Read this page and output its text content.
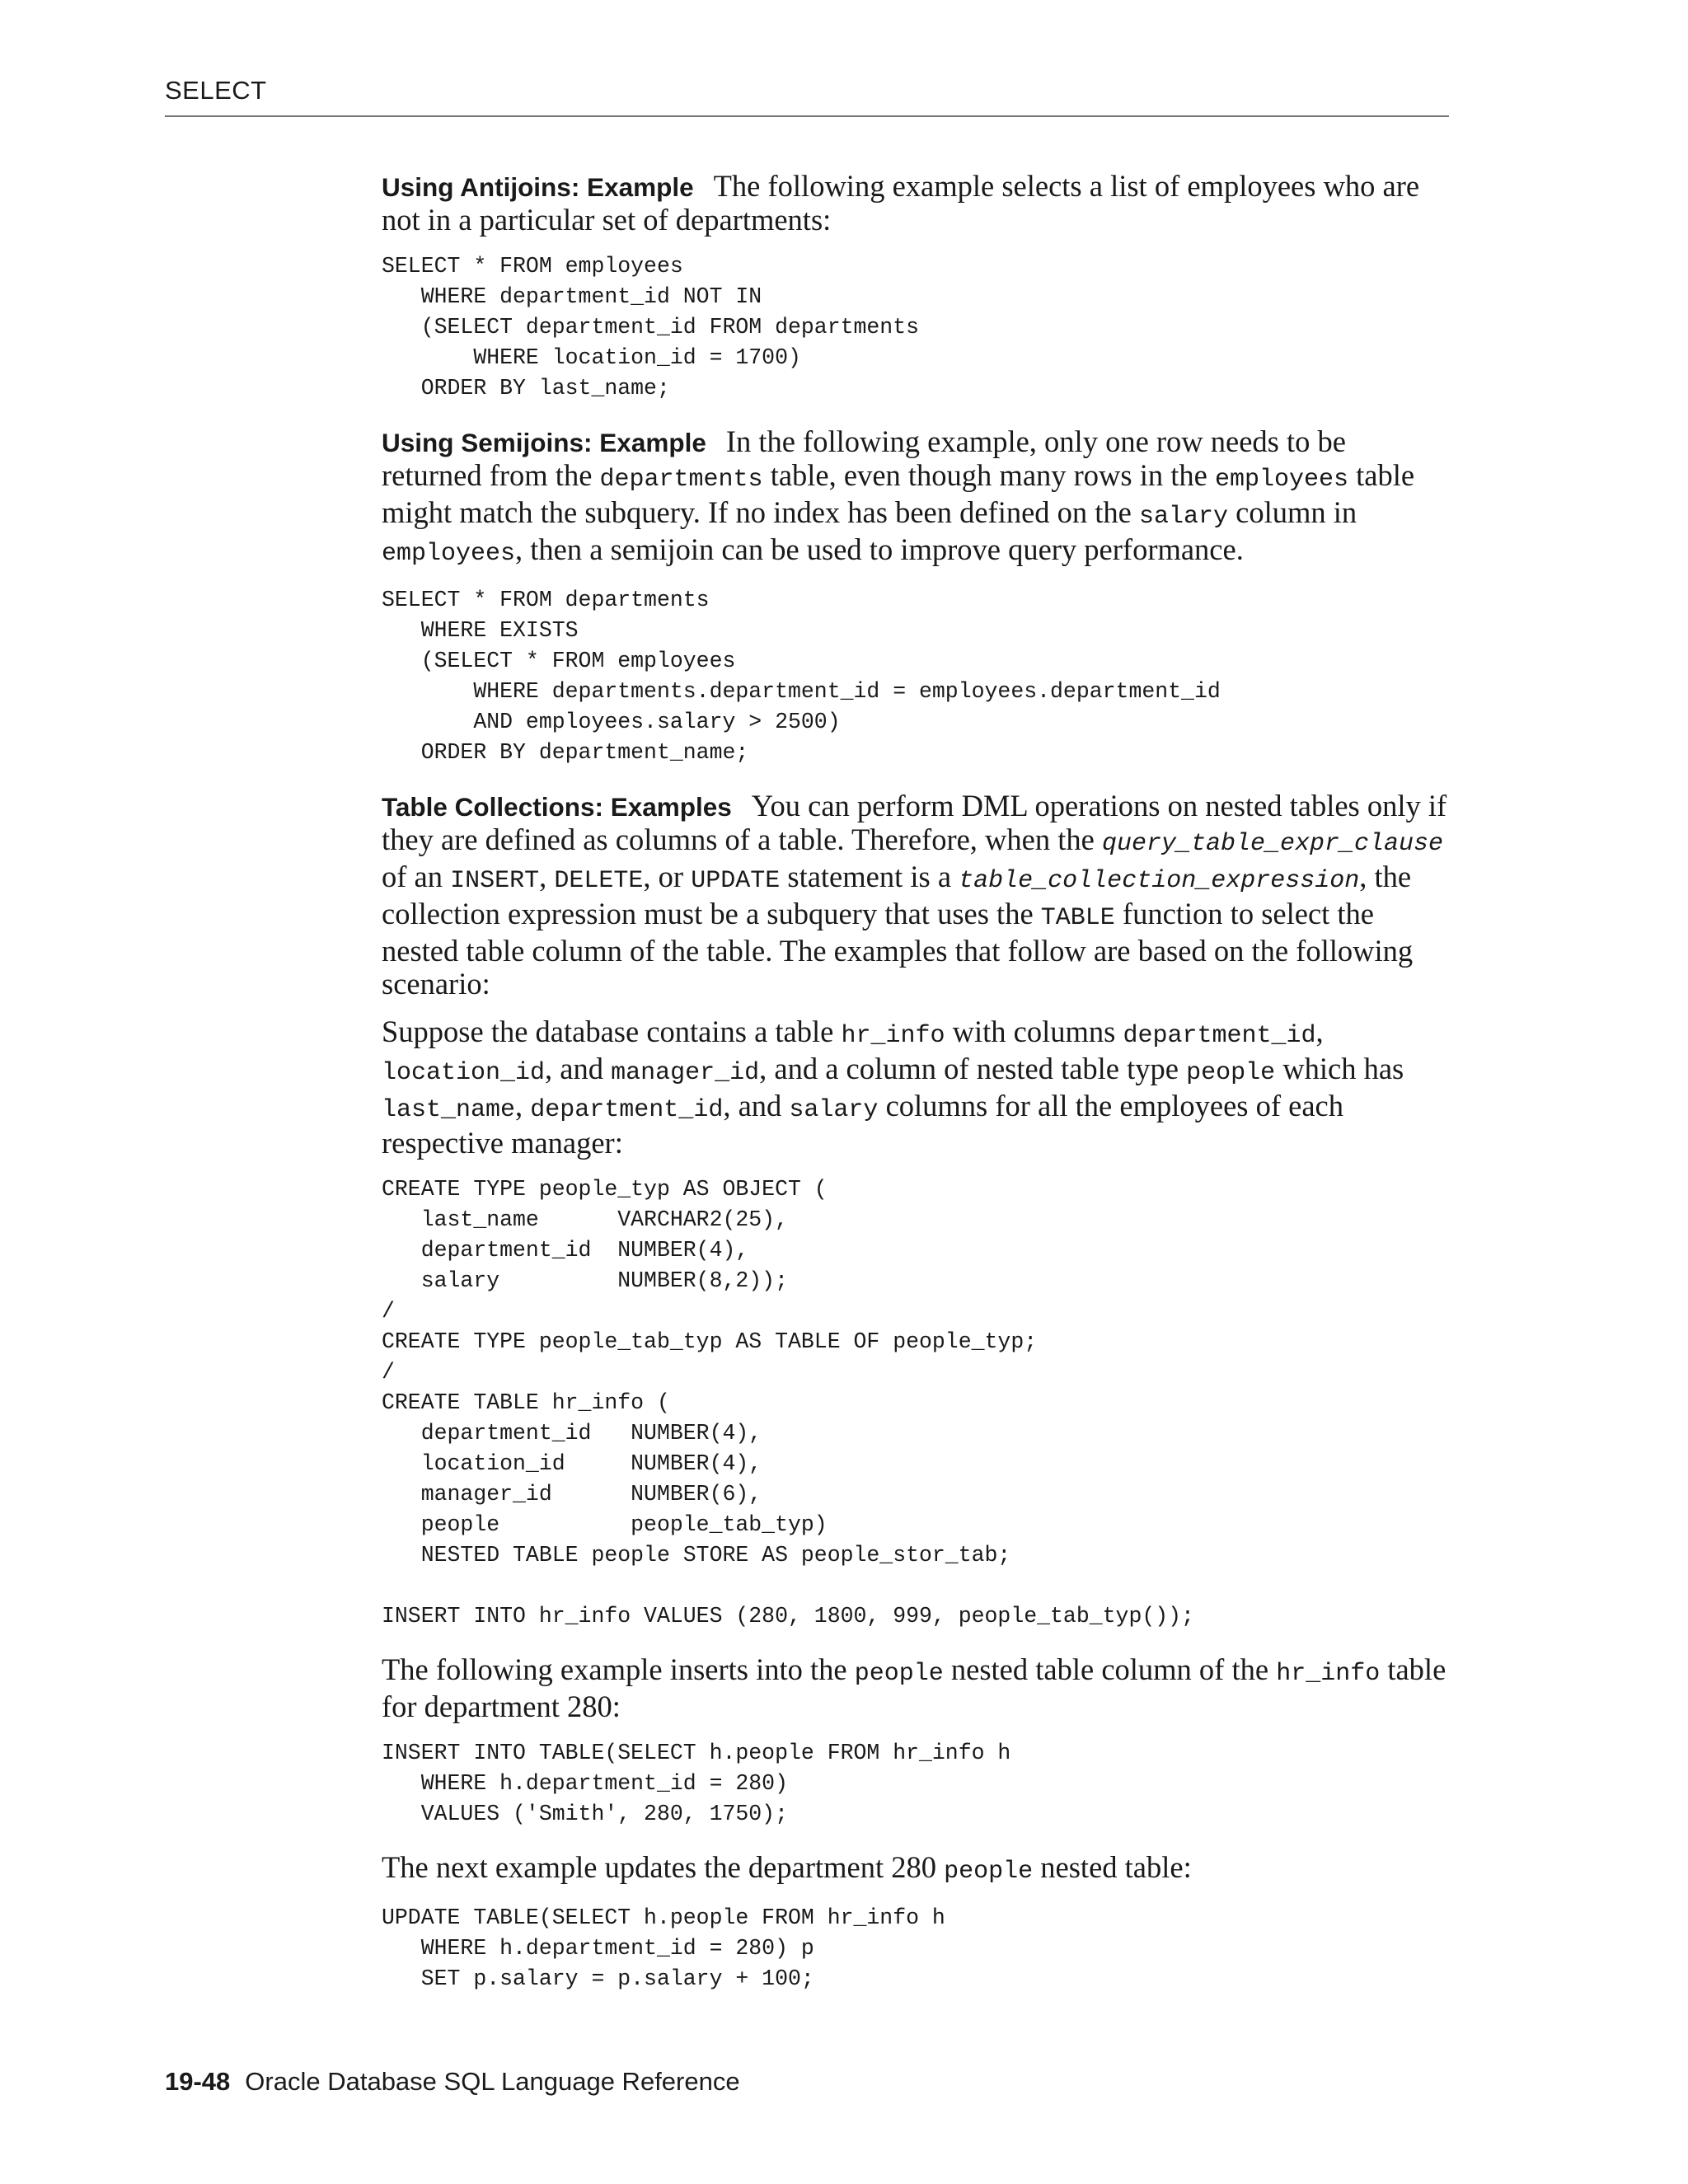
SELECT

Using Antijoins: Example The following example selects a list of employees who are not in a particular set of departments:

SELECT * FROM employees
WHERE department_id NOT IN
(SELECT department_id FROM departments
WHERE location_id = 1700)
ORDER BY last_name;

Using Semijoins: Example In the following example, only one row needs to be returned from the departments table, even though many rows in the employees table might match the subquery. If no index has been defined on the salary column in employees, then a semijoin can be used to improve query performance.

SELECT * FROM departments
WHERE EXISTS
(SELECT * FROM employees
WHERE departments.department_id = employees.department_id
AND employees.salary > 2500)
ORDER BY department_name;

Table Collections: Examples You can perform DML operations on nested tables only if they are defined as columns of a table. Therefore, when the query_table_expr_clause of an INSERT, DELETE, or UPDATE statement is a table_collection_expression, the collection expression must be a subquery that uses the TABLE function to select the nested table column of the table. The examples that follow are based on the following scenario:

Suppose the database contains a table hr_info with columns department_id, location_id, and manager_id, and a column of nested table type people which has last_name, department_id, and salary columns for all the employees of each respective manager:

CREATE TYPE people_typ AS OBJECT (
last_name      VARCHAR2(25),
department_id  NUMBER(4),
salary         NUMBER(8,2));
/
CREATE TYPE people_tab_typ AS TABLE OF people_typ;
/
CREATE TABLE hr_info (
department_id   NUMBER(4),
location_id     NUMBER(4),
manager_id      NUMBER(6),
people          people_tab_typ)
NESTED TABLE people STORE AS people_stor_tab;

INSERT INTO hr_info VALUES (280, 1800, 999, people_tab_typ());

The following example inserts into the people nested table column of the hr_info table for department 280:

INSERT INTO TABLE(SELECT h.people FROM hr_info h
WHERE h.department_id = 280)
VALUES ('Smith', 280, 1750);

The next example updates the department 280 people nested table:

UPDATE TABLE(SELECT h.people FROM hr_info h
WHERE h.department_id = 280) p
SET p.salary = p.salary + 100;
19-48 Oracle Database SQL Language Reference
